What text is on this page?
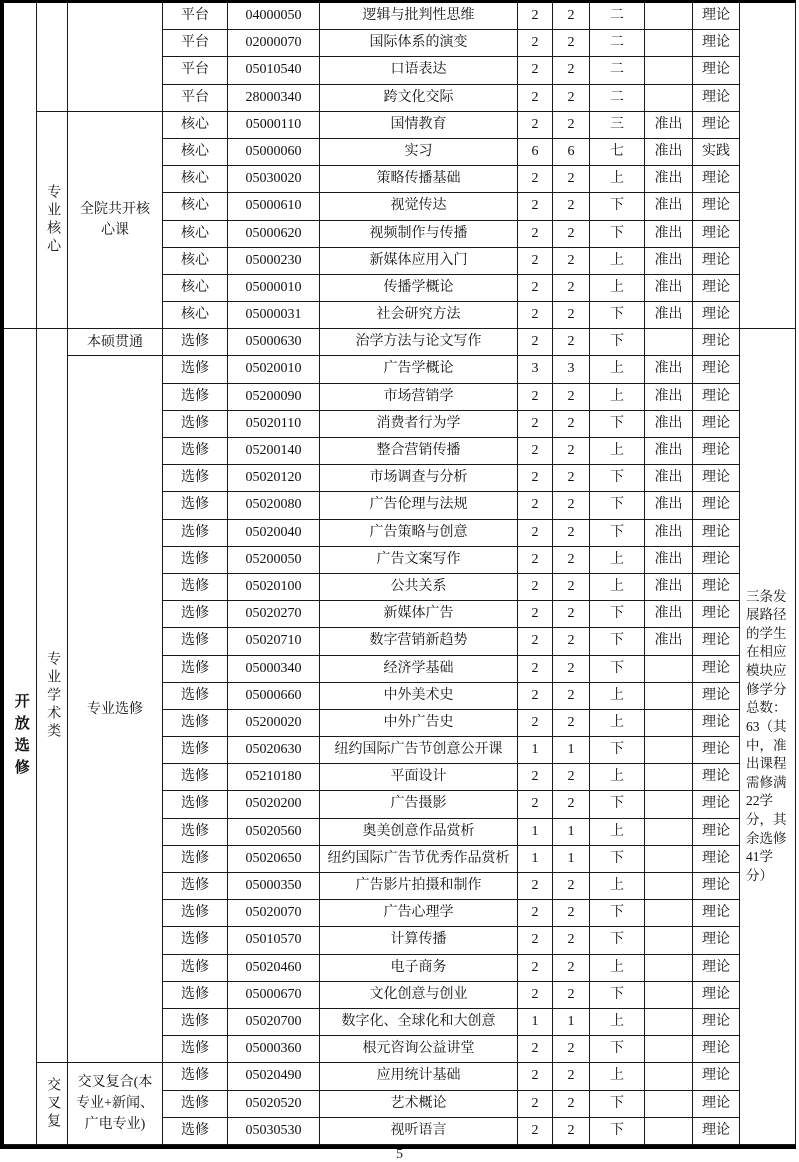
开放选修
专业核心
专业学术类
交叉复
全院共开核心课
本硕贯通
专业选修
交叉复合(本专业+新闻、广电专业)
三条发展路径的学生在相应模块应修学分总数：63（其中，准出课程需修满22学分，其余选修41学分）
平台	04000050	逻辑与批判性思维	2	2	二	理论
平台	02000070	国际体系的演变	2	2	二	理论
平台	05010540	口语表达	2	2	二	理论
平台	28000340	跨文化交际	2	2	二	理论
核心	05000110	国情教育	2	2	三	准出	理论
核心	05000060	实习	6	6	七	准出	实践
核心	05030020	策略传播基础	2	2	上	准出	理论
核心	05000610	视觉传达	2	2	下	准出	理论
核心	05000620	视频制作与传播	2	2	下	准出	理论
核心	05000230	新媒体应用入门	2	2	上	准出	理论
核心	05000010	传播学概论	2	2	上	准出	理论
核心	05000031	社会研究方法	2	2	下	准出	理论
选修	05000630	治学方法与论文写作	2	2	下	理论
选修	05020010	广告学概论	3	3	上	准出	理论
选修	05200090	市场营销学	2	2	上	准出	理论
选修	05020110	消费者行为学	2	2	下	准出	理论
选修	05200140	整合营销传播	2	2	上	准出	理论
选修	05020120	市场调查与分析	2	2	下	准出	理论
选修	05020080	广告伦理与法规	2	2	下	准出	理论
选修	05020040	广告策略与创意	2	2	下	准出	理论
选修	05200050	广告文案写作	2	2	上	准出	理论
选修	05020100	公共关系	2	2	上	准出	理论
选修	05020270	新媒体广告	2	2	下	准出	理论
选修	05020710	数字营销新趋势	2	2	下	准出	理论
选修	05000340	经济学基础	2	2	下	理论
选修	05000660	中外美术史	2	2	上	理论
选修	05200020	中外广告史	2	2	上	理论
选修	05020630	纽约国际广告节创意公开课	1	1	下	理论
选修	05210180	平面设计	2	2	上	理论
选修	05020200	广告摄影	2	2	下	理论
选修	05020560	奥美创意作品赏析	1	1	上	理论
选修	05020650	纽约国际广告节优秀作品赏析	1	1	下	理论
选修	05000350	广告影片拍摄和制作	2	2	上	理论
选修	05020070	广告心理学	2	2	下	理论
选修	05010570	计算传播	2	2	下	理论
选修	05020460	电子商务	2	2	上	理论
选修	05000670	文化创意与创业	2	2	下	理论
选修	05020700	数字化、全球化和大创意	1	1	上	理论
选修	05000360	根元咨询公益讲堂	2	2	下	理论
选修	05020490	应用统计基础	2	2	上	理论
选修	05020520	艺术概论	2	2	下	理论
选修	05030530	视听语言	2	2	下	理论
5
